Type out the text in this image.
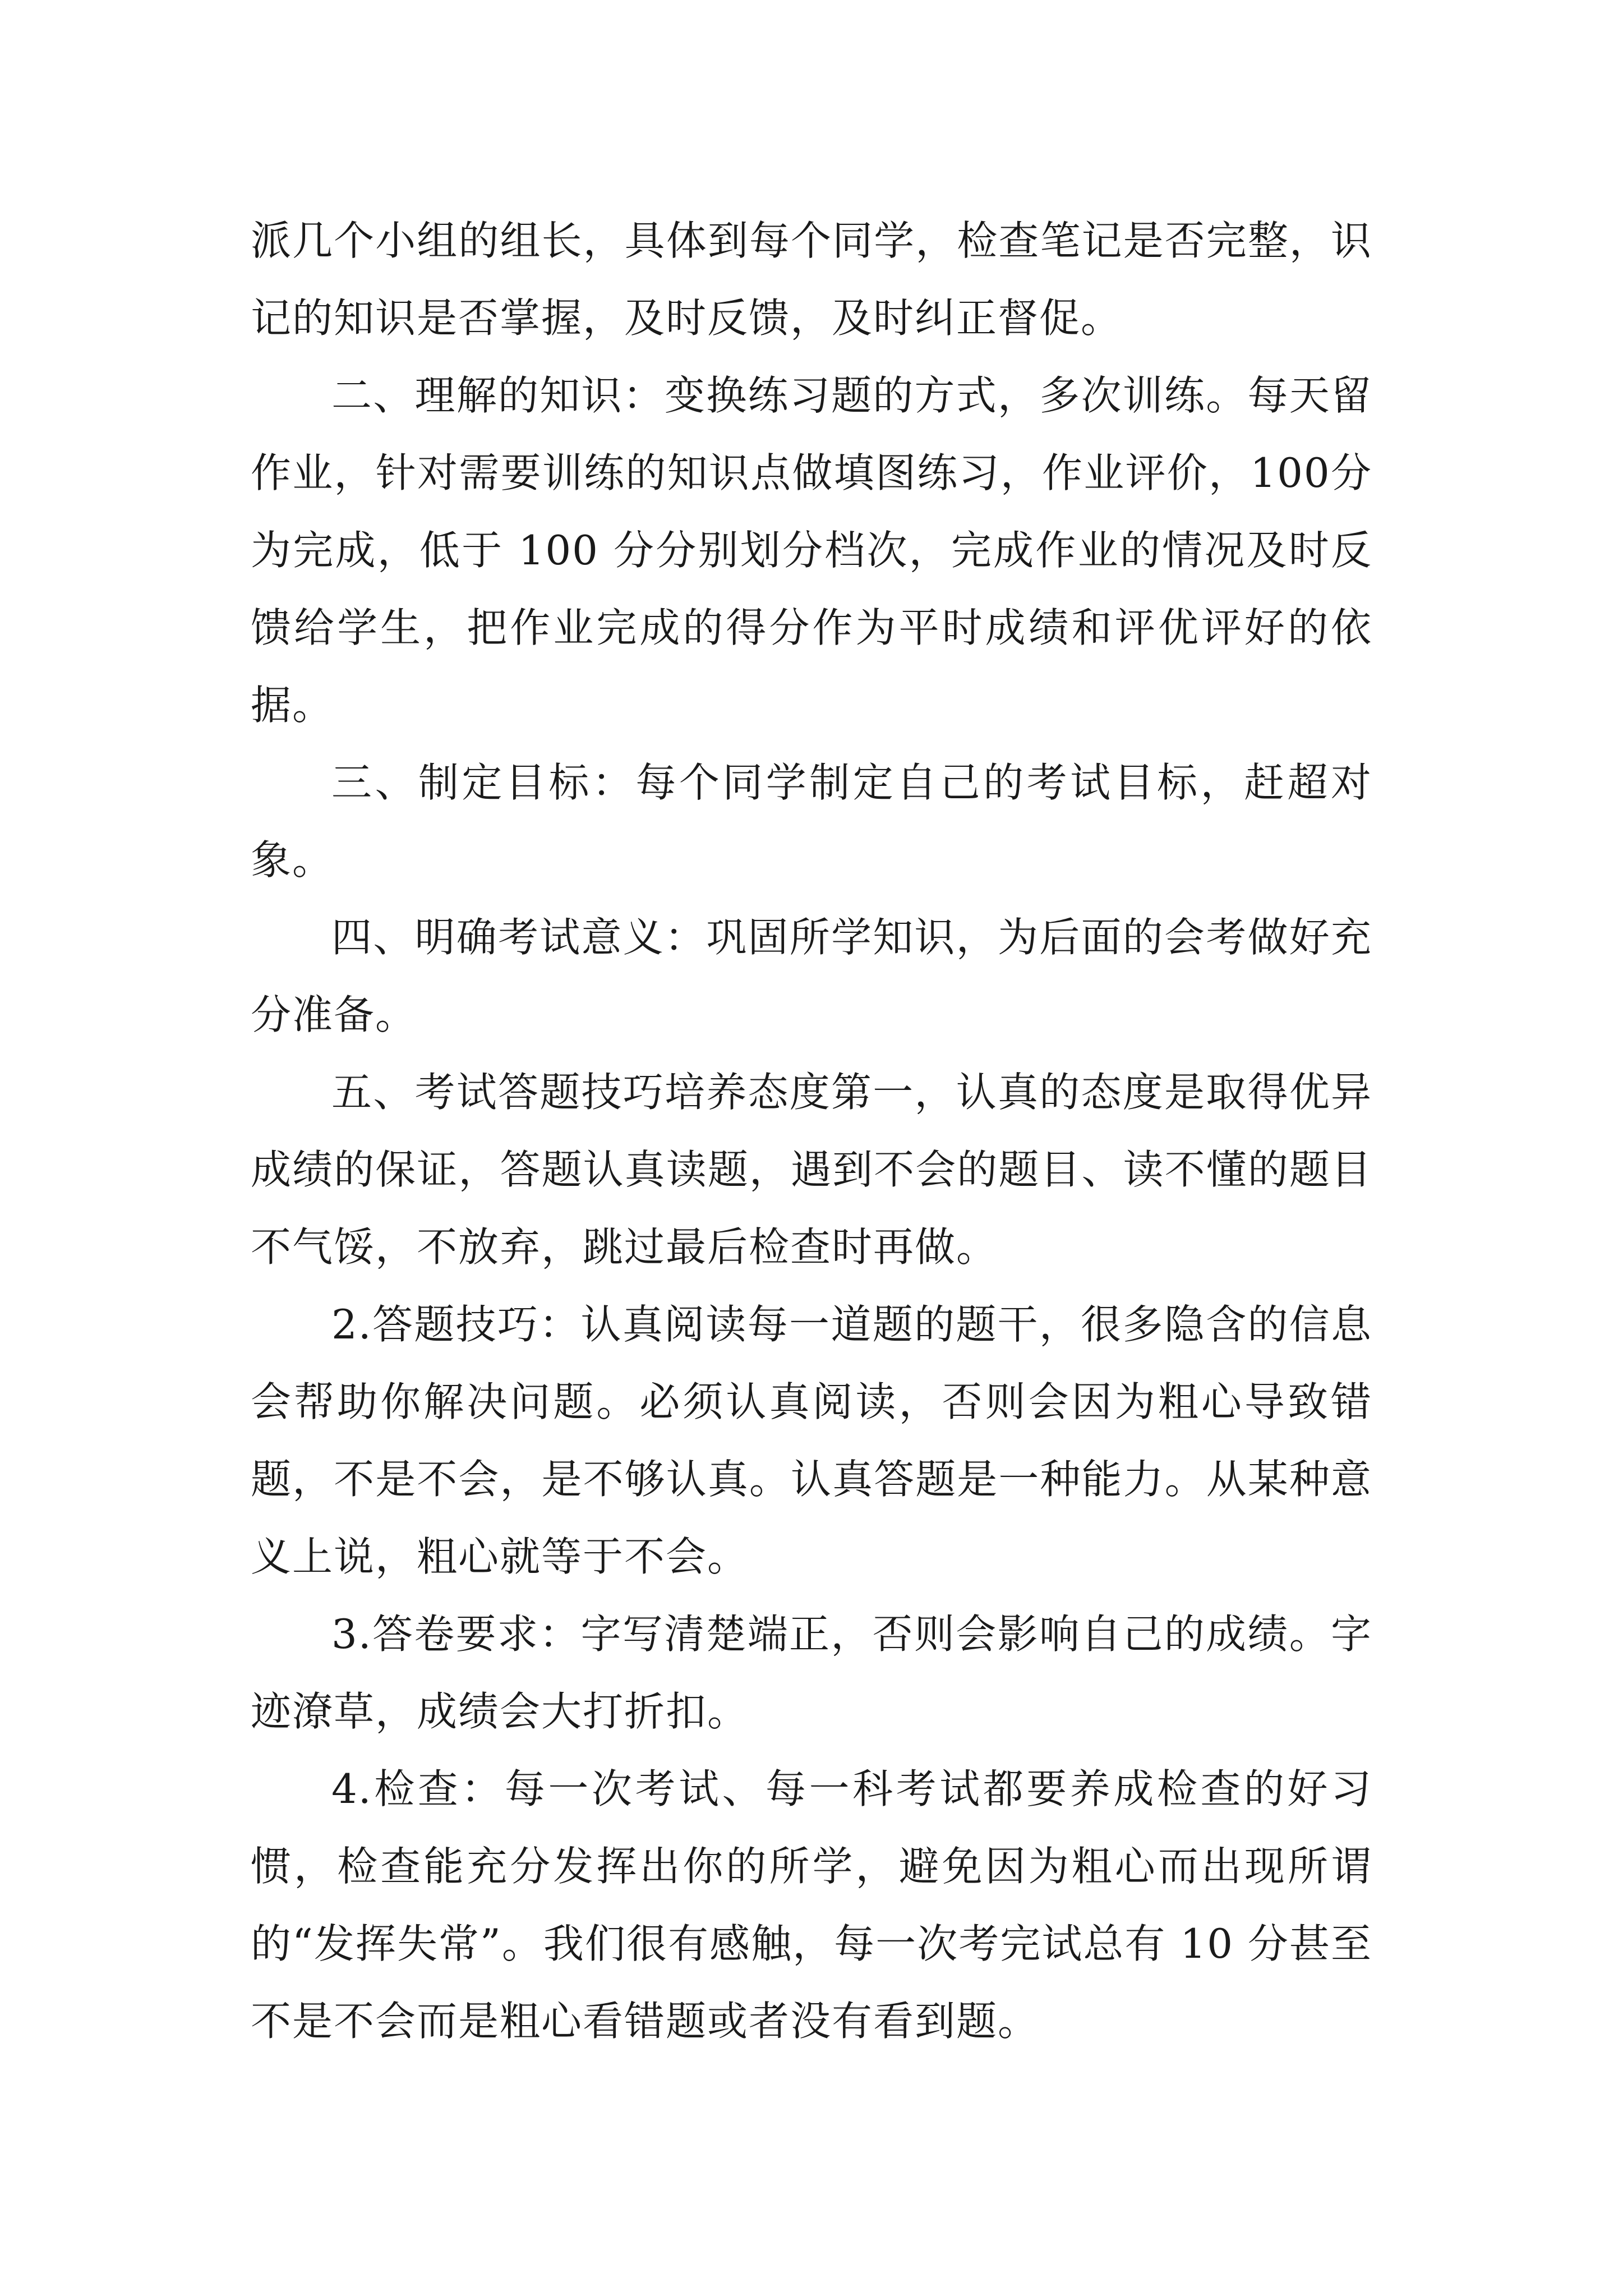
派几个小组的组长，具体到每个同学，检查笔记是否完整，识记的知识是否掌握，及时反馈，及时纠正督促。

二、理解的知识：变换练习题的方式，多次训练。每天留作业，针对需要训练的知识点做填图练习，作业评价，100分为完成，低于 100 分分别划分档次，完成作业的情况及时反馈给学生，把作业完成的得分作为平时成绩和评优评好的依据。

三、制定目标：每个同学制定自己的考试目标，赶超对象。

四、明确考试意义：巩固所学知识，为后面的会考做好充分准备。

五、考试答题技巧培养态度第一，认真的态度是取得优异成绩的保证，答题认真读题，遇到不会的题目、读不懂的题目不气馁，不放弃，跳过最后检查时再做。

2.答题技巧：认真阅读每一道题的题干，很多隐含的信息会帮助你解决问题。必须认真阅读，否则会因为粗心导致错题，不是不会，是不够认真。认真答题是一种能力。从某种意义上说，粗心就等于不会。

3.答卷要求：字写清楚端正，否则会影响自己的成绩。字迹潦草，成绩会大打折扣。

4.检查：每一次考试、每一科考试都要养成检查的好习惯，检查能充分发挥出你的所学，避免因为粗心而出现所谓的“发挥失常”。我们很有感触，每一次考完试总有 10 分甚至不是不会而是粗心看错题或者没有看到题。
